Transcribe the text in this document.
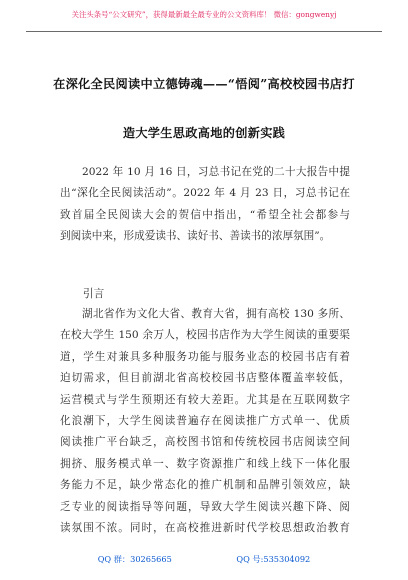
关注头条号“公文研究”，获得最新最全最专业的公文资料库！ 微信：gongwenyj
在深化全民阅读中立德铸魂——“悟阅”高校校园书店打
造大学生思政高地的创新实践
2022 年 10 月 16 日，习总书记在党的二十大报告中提
出“深化全民阅读活动”。2022 年 4 月 23 日，习总书记在
致首届全民阅读大会的贺信中指出，“希望全社会都参与
到阅读中来，形成爱读书、读好书、善读书的浓厚氛围”。
引言
湖北省作为文化大省、教育大省，拥有高校 130 多所、
在校大学生 150 余万人，校园书店作为大学生阅读的重要渠
道，学生对兼具多种服务功能与服务业态的校园书店有着
迫切需求，但目前湖北省高校校园书店整体覆盖率较低，
运营模式与学生预期还有较大差距。尤其是在互联网数字
化浪潮下，大学生阅读普遍存在阅读推广方式单一、优质
阅读推广平台缺乏，高校图书馆和传统校园书店阅读空间
拥挤、服务模式单一、数字资源推广和线上线下一体化服
务能力不足，缺少常态化的推广机制和品牌引领效应，缺
乏专业的阅读指导等问题，导致大学生阅读兴趣下降、阅
读氛围不浓。同时，在高校推进新时代学校思想政治教育
QQ 群：30265665	QQ 号:535304092
